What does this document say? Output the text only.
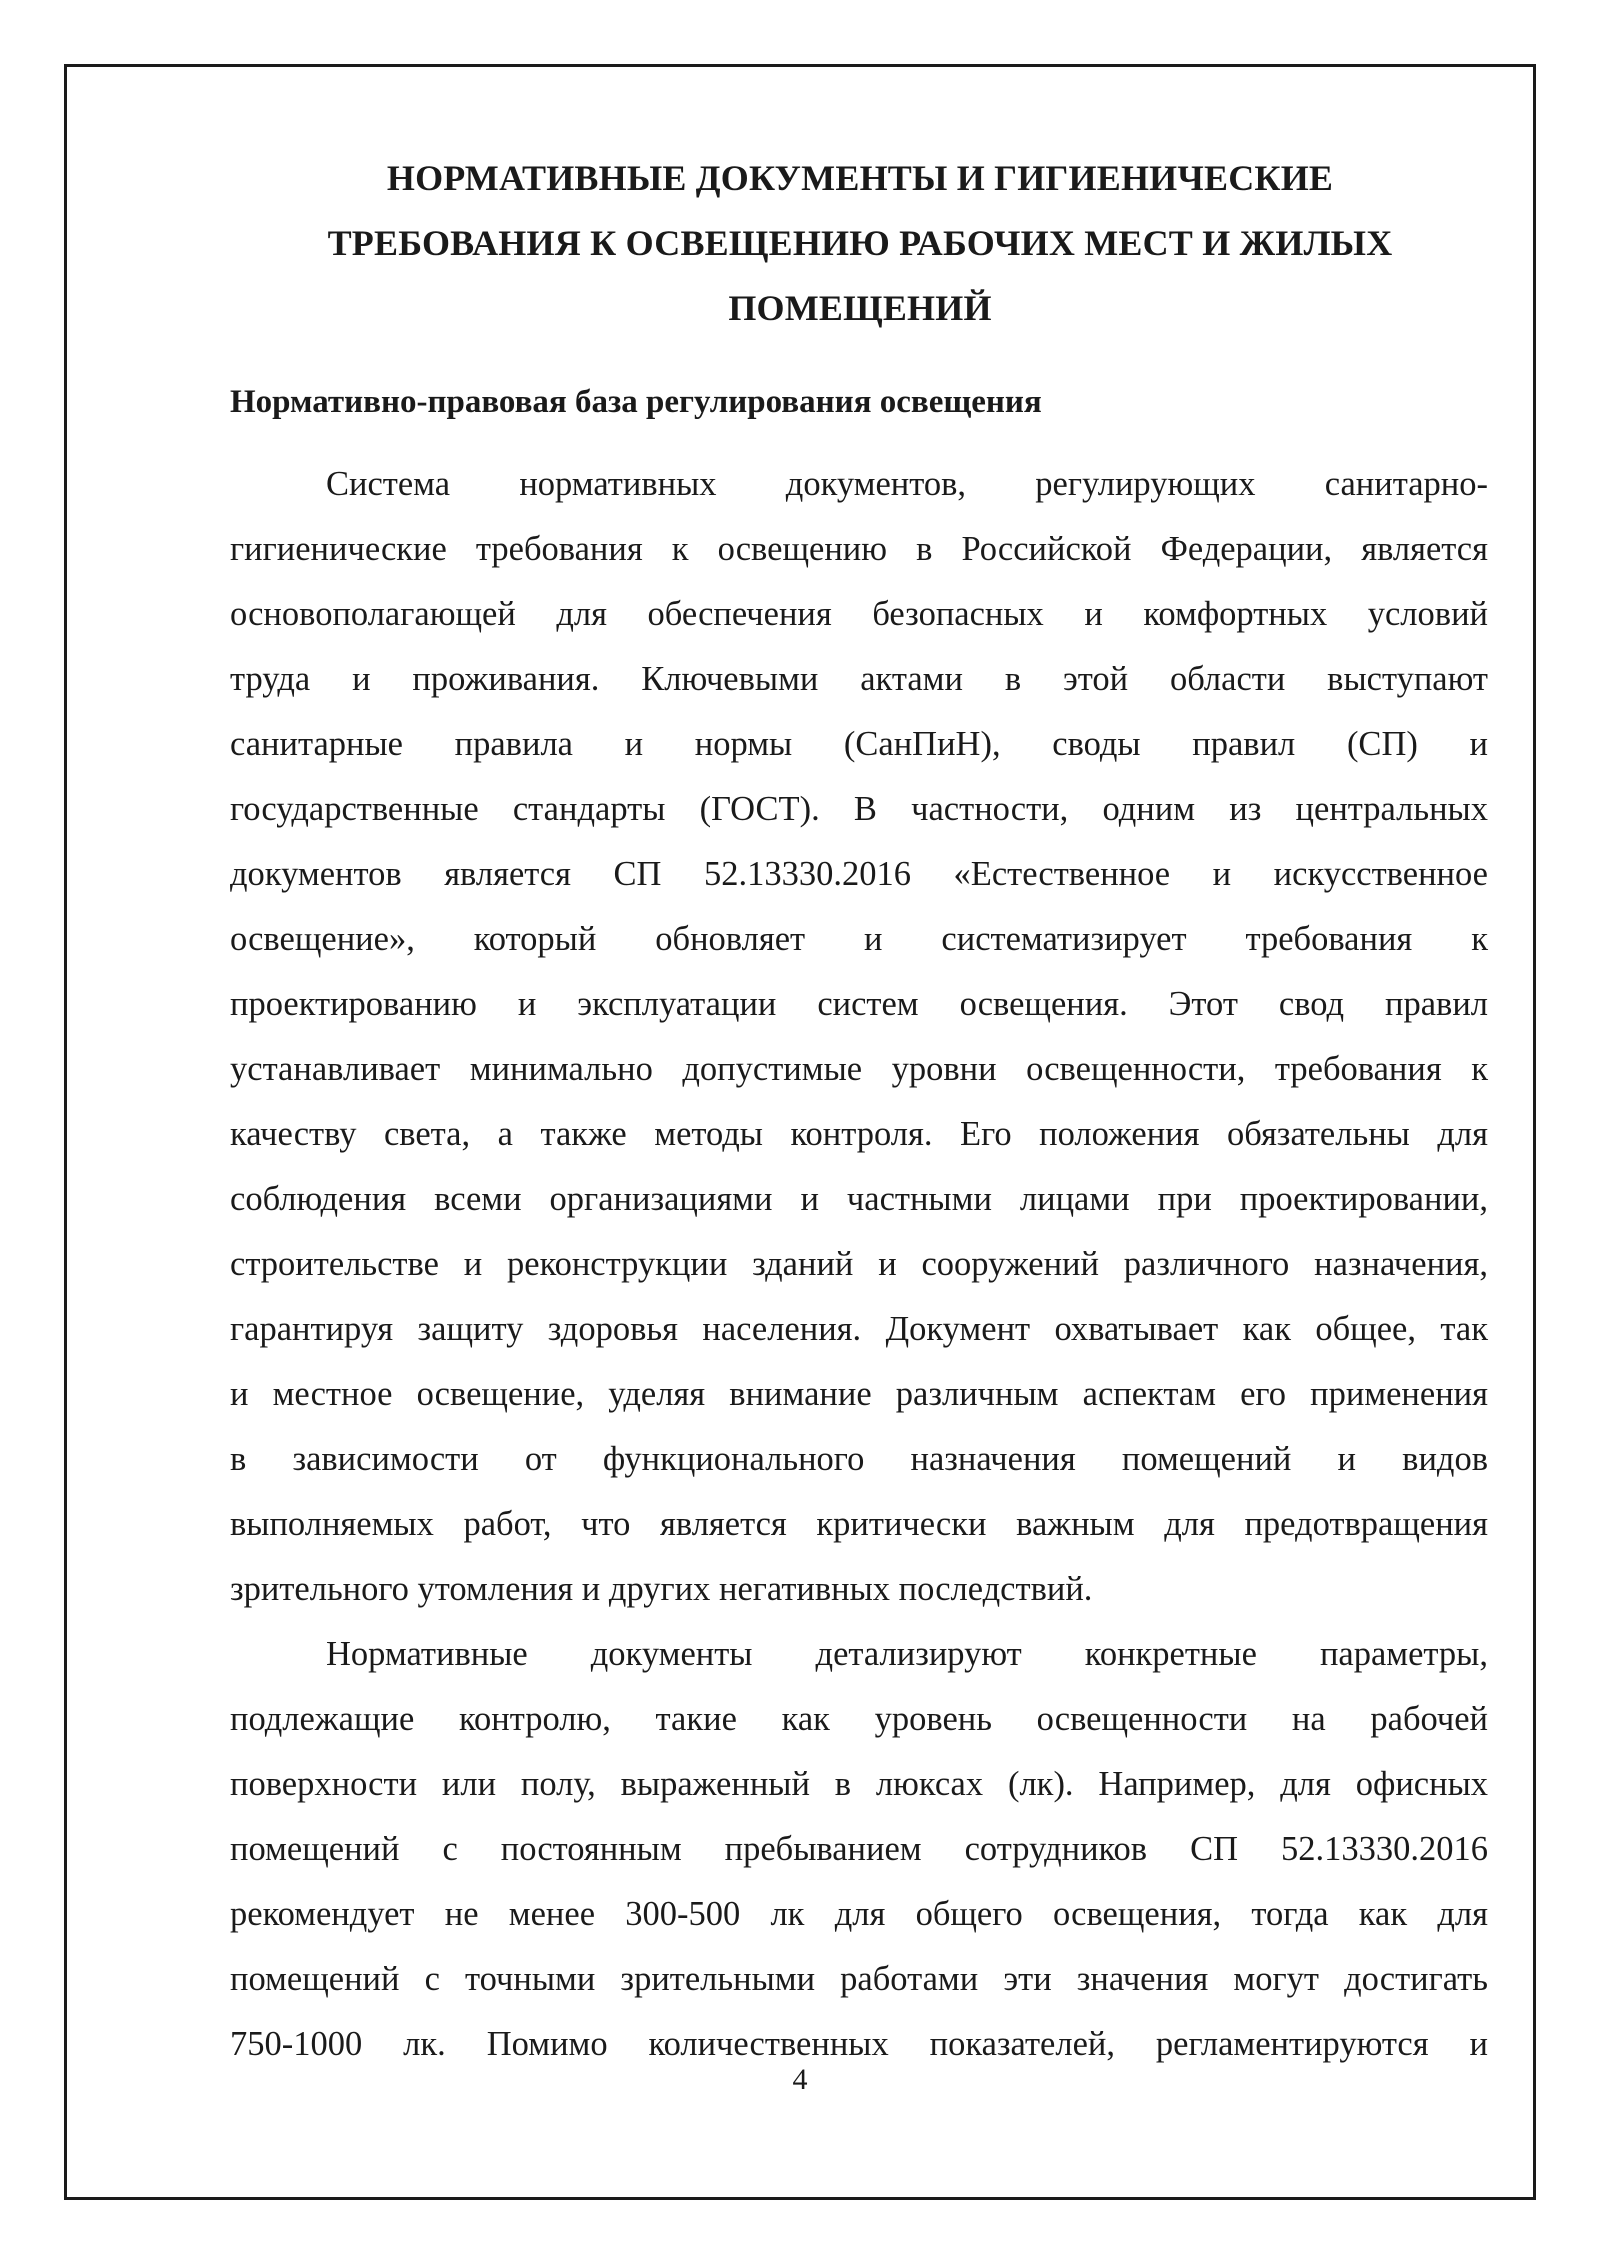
НОРМАТИВНЫЕ ДОКУМЕНТЫ И ГИГИЕНИЧЕСКИЕ
ТРЕБОВАНИЯ К ОСВЕЩЕНИЮ РАБОЧИХ МЕСТ И ЖИЛЫХ
ПОМЕЩЕНИЙ
Нормативно-правовая база регулирования освещения
Система нормативных документов, регулирующих санитарно-
гигиенические требования к освещению в Российской Федерации, является
основополагающей для обеспечения безопасных и комфортных условий
труда и проживания. Ключевыми актами в этой области выступают
санитарные правила и нормы (СанПиН), своды правил (СП) и
государственные стандарты (ГОСТ). В частности, одним из центральных
документов является СП 52.13330.2016 «Естественное и искусственное
освещение», который обновляет и систематизирует требования к
проектированию и эксплуатации систем освещения. Этот свод правил
устанавливает минимально допустимые уровни освещенности, требования к
качеству света, а также методы контроля. Его положения обязательны для
соблюдения всеми организациями и частными лицами при проектировании,
строительстве и реконструкции зданий и сооружений различного назначения,
гарантируя защиту здоровья населения. Документ охватывает как общее, так
и местное освещение, уделяя внимание различным аспектам его применения
в зависимости от функционального назначения помещений и видов
выполняемых работ, что является критически важным для предотвращения
зрительного утомления и других негативных последствий.
Нормативные документы детализируют конкретные параметры,
подлежащие контролю, такие как уровень освещенности на рабочей
поверхности или полу, выраженный в люксах (лк). Например, для офисных
помещений с постоянным пребыванием сотрудников СП 52.13330.2016
рекомендует не менее 300-500 лк для общего освещения, тогда как для
помещений с точными зрительными работами эти значения могут достигать
750-1000 лк. Помимо количественных показателей, регламентируются и
4
